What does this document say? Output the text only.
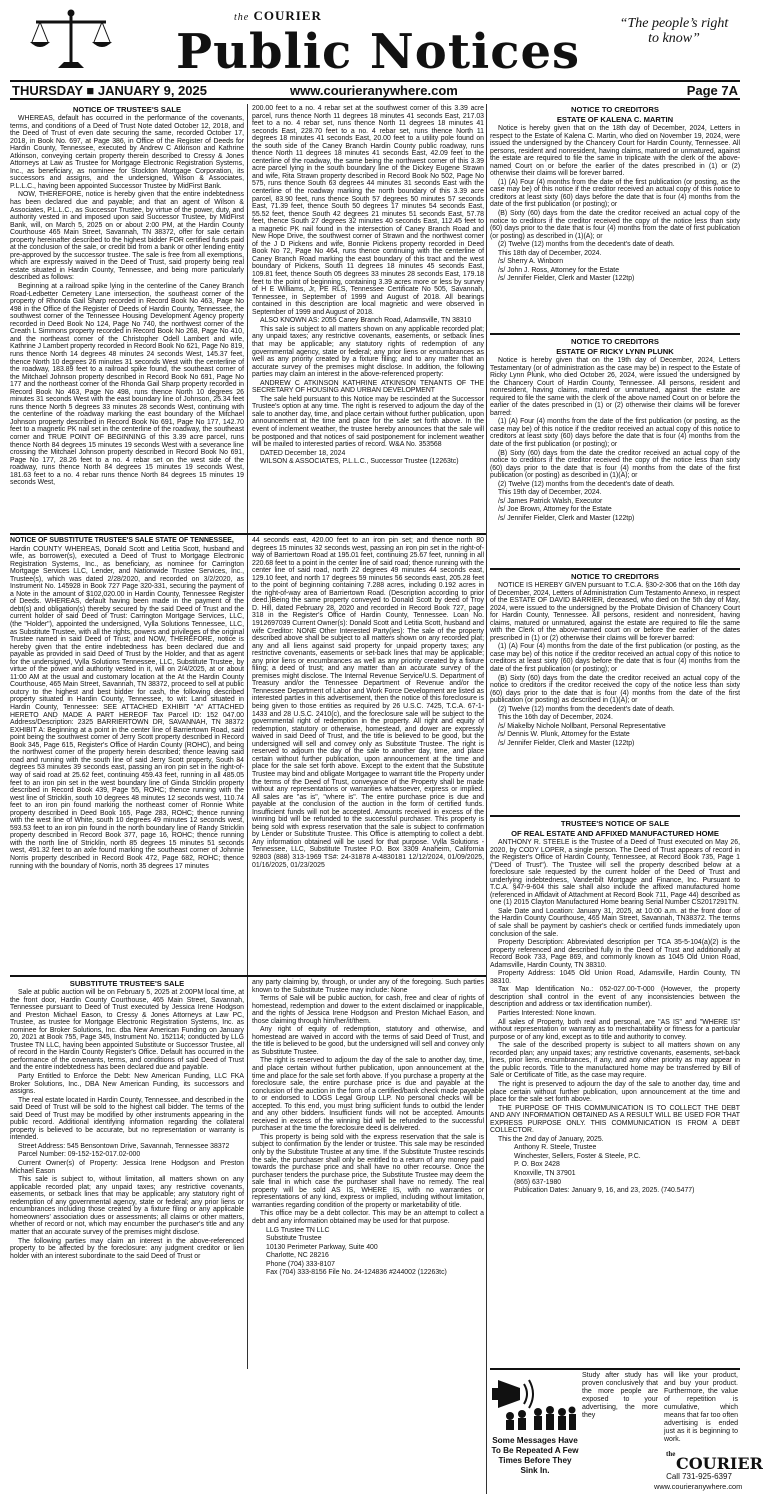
the COURIER
Public Notices
“The people’s right to know”
THURSDAY ■ JANUARY 9, 2025	www.courieranywhere.com	Page 7A
NOTICE OF TRUSTEE'S SALE

WHEREAS, default has occurred in the performance of the covenants, terms, and conditions of a Deed of Trust Note dated October 12, 2018, and the Deed of Trust of even date securing the same, recorded October 17, 2018, in Book No. 697, at Page 386, in Office of the Register of Deeds for Hardin County, Tennessee, executed by Andrew C Atkinson and Kathrine Atkinson, conveying certain property therein described to Cressy & Jones Attorneys at Law as Trustee for Mortgage Electronic Registration Systems, Inc., as beneficiary, as nominee for Stockton Mortgage Corporation, its successors and assigns, and the undersigned, Wilson & Associates, P.L.L.C., having been appointed Successor Trustee by MidFirst Bank.

NOW, THEREFORE, notice is hereby given that the entire indebtedness has been declared due and payable; and that an agent of Wilson & Associates, P.L.L.C., as Successor Trustee, by virtue of the power, duty, and authority vested in and imposed upon said Successor Trustee, by MidFirst Bank, will, on March 5, 2025 on or about 2:00 PM, at the Hardin County Courthouse 465 Main Street, Savannah, TN 38372, offer for sale certain property hereinafter described to the highest bidder FOR certified funds paid at the conclusion of the sale, or credit bid from a bank or other lending entity pre-approved by the successor trustee. The sale is free from all exemptions, which are expressly waived in the Deed of Trust, said property being real estate situated in Hardin County, Tennessee, and being more particularly described as follows:

Beginning at a railroad spike lying in the centerline of the Caney Branch Road-Ledbetter Cemetery Lane intersection, the southeast corner of the property of Rhonda Gail Sharp recorded in Record Book No 463, Page No 498 in the Office of the Register of Deeds of Hardin County, Tennessee, the southwest corner of the Tennessee Housing Development Agency property recorded in Deed Book No 124, Page No 740, the northwest corner of the Creath L Simmons property recorded in Record Book No 268, Page No 410, and the northeast corner of the Christopher Odell Lambert and wife, Kathrine J Lambert property recorded in Record Book No 621, Page No 819, runs thence North 14 degrees 48 minutes 24 seconds West, 145.37 feet, thence North 10 degrees 26 minutes 31 seconds West with the centerline of the roadway, 183.89 feet to a railroad spike found, the southeast corner of the Mitchael Johnson property described in Record Book No 691, Page No 177 and the northeast corner of the Rhonda Gail Sharp property recorded in Record Book No 463, Page No 498, runs thence North 10 degrees 26 minutes 31 seconds West with the east boundary line of Johnson, 25.34 feet runs thence North 5 degrees 33 minutes 28 seconds West, continuing with the centerline of the roadway marking the east boundary of the Mitchael Johnson property described in Record Book No 691, Page No 177, 142.70 feet to a magnetic PK nail set in the centerline of the roadway, the southeast corner and TRUE POINT OF BEGINNING of this 3.39 acre parcel, runs thence North 84 degrees 15 minutes 19 seconds West with a severance line crossing the Mitchael Johnson property described in Record Book No 691, Page No 177, 28.26 feet to a no. 4 rebar set on the west side of the roadway, runs thence North 84 degrees 15 minutes 19 seconds West, 181.63 feet to a no. 4 rebar runs thence North 84 degrees 15 minutes 19 seconds West,

200.00 feet to a no. 4 rebar set at the southwest corner of this 3.39 acre parcel, runs thence North 11 degrees 18 minutes 41 seconds East, 217.03 feet to a no. 4 rebar set, runs thence North 11 degrees 18 minutes 41 seconds East, 228.70 feet to a no. 4 rebar set, runs thence North 11 degrees 18 minutes 41 seconds East, 20.00 feet to a utility pole found on the south side of the Caney Branch Hardin County public roadway, runs thence North 11 degrees 18 minutes 41 seconds East, 42.09 feet to the centerline of the roadway, the same being the northwest corner of this 3.39 acre parcel lying in the south boundary line of the Dickey Eugene Strawn and wife, Rita Strawn property described in Record Book No 502, Page No 575, runs thence South 63 degrees 44 minutes 31 seconds East with the centerline of the roadway marking the north boundary of this 3.39 acre parcel, 83.90 feet, runs thence South 57 degrees 50 minutes 57 seconds East, 71.39 feet, thence South 50 degrees 17 minutes 54 seconds East, 55.52 feet, thence South 42 degrees 21 minutes 51 seconds East, 57.78 feet, thence South 27 degrees 32 minutes 40 seconds East, 112.45 feet to a magnetic PK nail found in the intersection of Caney Branch Road and New Hope Drive, the southwest corner of Strawn and the northwest corner of the J D Pickens and wife, Bonnie Pickens property recorded in Deed Book No 72, Page No 464, runs thence continuing with the centerline of Caney Branch Road marking the east boundary of this tract and the west boundary of Pickens, South 11 degrees 18 minutes 45 seconds East, 109.81 feet, thence South 05 degrees 33 minutes 28 seconds East, 179.18 feet to the point of beginning, containing 3.39 acres more or less by survey of H E Williams, Jr, PE RLS, Tennessee Certificate No 505, Savannah, Tennessee, in September of 1999 and August of 2018. All bearings contained in this description are local magnetic and were observed in September of 1999 and August of 2018.

ALSO KNOWN AS: 2055 Caney Branch Road, Adamsville, TN 38310

This sale is subject to all matters shown on any applicable recorded plat; any unpaid taxes; any restrictive covenants, easements, or setback lines that may be applicable; any statutory rights of redemption of any governmental agency, state or federal; any prior liens or encumbrances as well as any priority created by a fixture filing; and to any matter that an accurate survey of the premises might disclose. In addition, the following parties may claim an interest in the above-referenced property:

ANDREW C ATKINSON KATHRINE ATKINSON TENANTS OF THE SECRETARY OF HOUSING AND URBAN DEVELOPMENT

The sale held pursuant to this Notice may be rescinded at the Successor Trustee's option at any time. The right is reserved to adjourn the day of the sale to another day, time, and place certain without further publication, upon announcement at the time and place for the sale set forth above. In the event of inclement weather, the trustee hereby announces that the sale will be postponed and that notices of said postponement for inclement weather will be mailed to interested parties of record. W&A No. 353568

DATED December 18, 2024

WILSON & ASSOCIATES, P.L.L.C., Successor Trustee (12263tc)

NOTICE OF SUBSTITUTE TRUSTEE'S SALE STATE OF TENNESSEE,

Hardin COUNTY WHEREAS, Donald Scott and Letitia Scott, husband and wife, as borrower(s), executed a Deed of Trust to Mortgage Electronic Registration Systems, Inc., as beneficiary, as nominee for Carrington Mortgage Services LLC, Lender, and Nationwide Trustee Services, Inc., Trustee(s), which was dated 2/28/2020, and recorded on 3/2/2020, as Instrument No. 145928 in Book 727 Page 320-331, securing the payment of a Note in the amount of $102,020.00 in Hardin County, Tennessee Register of Deeds. WHEREAS, default having been made in the payment of the debt(s) and obligation(s) thereby secured by the said Deed of Trust and the current holder of said Deed of Trust: Carrington Mortgage Services, LLC, (the "Holder"), appointed the undersigned, Vylla Solutions Tennessee, LLC, as Substitute Trustee, with all the rights, powers and privileges of the original Trustee named in said Deed of Trust; and NOW, THEREFORE, notice is hereby given that the entire indebtedness has been declared due and payable as provided in said Deed of Trust by the Holder, and that as agent for the undersigned, Vylla Solutions Tennessee, LLC, Substitute Trustee, by virtue of the power and authority vested in it, will on 2/4/2025, at or about 11:00 AM at the usual and customary location at the At the Hardin County Courthouse, 465 Main Street, Savannah, TN 38372, proceed to sell at public outcry to the highest and best bidder for cash, the following described property situated in Hardin County, Tennessee, to wit: Land situated in Hardin County, Tennessee: SEE ATTACHED EXHIBIT "A" ATTACHED HERETO AND MADE A PART HEREOF Tax Parcel ID: 152 047.00 Address/Description: 2325 BARRIERTOWN DR, SAVANNAH, TN 38372 EXHIBIT A: Beginning at a point in the center line of Barriertown Road, said point being the southwest corner of Jerry Scott property described in Record Book 345, Page 615, Register's Office of Hardin County (ROHC), and being the northwest corner of the property herein described; thence leaving said road and running with the south line of said Jerry Scott property, South 84 degrees 53 minutes 39 seconds east, passing an iron pin set in the right-of-way of said road at 25.62 feet, continuing 459.43 feet, running in all 485.05 feet to an iron pin set in the west boundary line of Ginda Stricklin property described in Record Book 439, Page 55, ROHC; thence running with the west line of Stricklin, south 10 degrees 48 minutes 12 seconds west, 110.74 feet to an iron pin found marking the northeast corner of Ronnie White property described in Deed Book 165, Page 283, ROHC; thence running with the west line of White, south 10 degrees 49 minutes 12 seconds west, 593.53 feet to an iron pin found in the north boundary line of Randy Stricklin property described in Record Book 377, page 16, ROHC; thence running with the north line of Stricklin, north 85 degrees 15 minutes 51 seconds west, 491.32 feet to an axle found marking the southeast corner of Johnnie Norris property described in Record Book 472, Page 682, ROHC; thence running with the boundary of Norris, north 35 degrees 17 minutes

44 seconds east, 420.00 feet to an iron pin set; and thence north 80 degrees 15 minutes 32 seconds west, passing an iron pin set in the right-of-way of Barriertown Road at 195.01 feet, continuing 25.67 feet, running in all 220.68 feet to a point in the center line of said road; thence running with the center line of said road, north 22 degrees 49 minutes 44 seconds east, 129.10 feet, and north 17 degrees 59 minutes 56 seconds east, 205.28 feet to the point of beginning containing 7.288 acres, including 0.192 acres in the right-of-way area of Barriertown Road. (Description according to prior deed.)Being the same property conveyed to Donald Scott by deed of Troy D. Hill, dated February 28, 2020 and recorded in Record Book 727, page 318 in the Register's Office of Hardin County, Tennessee. Loan No. 1912697039 Current Owner(s): Donald Scott and Letitia Scott, husband and wife Creditor: NONE Other Interested Party(ies): The sale of the property described above shall be subject to all matters shown on any recorded plat; any and all liens against said property for unpaid property taxes; any restrictive covenants, easements or set-back lines that may be applicable; any prior liens or encumbrances as well as any priority created by a fixture filing; a deed of trust; and any matter than an accurate survey of the premises might disclose. The Internal Revenue Service/U.S. Department of Treasury and/or the Tennessee Department of Revenue and/or the Tennessee Department of Labor and Work Force Development are listed as interested parties in this advertisement, then the notice of this foreclosure is being given to those entities as required by 26 U.S.C. 7425, T.C.A. 67-1-1433 and 28 U.S.C. 2410(c), and the foreclosure sale will be subject to the governmental right of redemption in the property. All right and equity of redemption, statutory or otherwise, homestead, and dower are expressly waived in said Deed of Trust, and the title is believed to be good, but the undersigned will sell and convey only as Substitute Trustee. The right is reserved to adjourn the day of the sale to another day, time, and place certain without further publication, upon announcement at the time and place for the sale set forth above. Except to the extent that the Substitute Trustee may bind and obligate Mortgagee to warrant title the Property under the terms of the Deed of Trust, conveyance of the Property shall be made without any representations or warranties whatsoever, express or implied. All sales are "as is", "where is". The entire purchase price is due and payable at the conclusion of the auction in the form of certified funds. Insufficient funds will not be accepted. Amounts received in excess of the winning bid will be refunded to the successful purchaser. This property is being sold with express reservation that the sale is subject to confirmation by Lender or Substitute Trustee. This Office is attempting to collect a debt. Any information obtained will be used for that purpose. Vylla Solutions - Tennessee, LLC, Substitute Trustee P.O. Box 3309 Anaheim, California 92803 (888) 313-1969 TS#: 24-31878 A-4830181 12/12/2024, 01/09/2025, 01/16/2025, 01/23/2025

SUBSTITUTE TRUSTEE'S SALE

Sale at public auction will be on February 5, 2025 at 2:00PM local time, at the front door, Hardin County Courthouse, 465 Main Street, Savannah, Tennessee pursuant to Deed of Trust executed by Jessica Irene Hodgson and Preston Michael Eason, to Cressy & Jones Attorneys at Law PC, Trustee, as trustee for Mortgage Electronic Registration Systems, Inc. as nominee for Broker Solutions, Inc. dba New American Funding on January 20, 2021 at Book 755, Page 345, Instrument No. 152114; conducted by LLG Trustee TN LLC, having been appointed Substitute or Successor Trustee, all of record in the Hardin County Register's Office. Default has occurred in the performance of the covenants, terms, and conditions of said Deed of Trust and the entire indebtedness has been declared due and payable.

Party Entitled to Enforce the Debt: New American Funding, LLC FKA Broker Solutions, Inc., DBA New American Funding, its successors and assigns.

The real estate located in Hardin County, Tennessee, and described in the said Deed of Trust will be sold to the highest call bidder. The terms of the said Deed of Trust may be modified by other instruments appearing in the public record. Additional identifying information regarding the collateral property is believed to be accurate, but no representation or warranty is intended.

Street Address: 545 Bensontown Drive, Savannah, Tennessee 38372

Parcel Number: 09-152-152-017.02-000

Current Owner(s) of Property: Jessica Irene Hodgson and Preston Michael Eason

This sale is subject to, without limitation, all matters shown on any applicable recorded plat; any unpaid taxes; any restrictive covenants, easements, or setback lines that may be applicable; any statutory right of redemption of any governmental agency, state or federal; any prior liens or encumbrances including those created by a fixture filing or any applicable homeowners' association dues or assessments; all claims or other matters, whether of record or not, which may encumber the purchaser's title and any matter that an accurate survey of the premises might disclose.

The following parties may claim an interest in the above-referenced property to be affected by the foreclosure: any judgment creditor or lien holder with an interest subordinate to the said Deed of Trust or

any party claiming by, through, or under any of the foregoing. Such parties known to the Substitute Trustee may include: None

Terms of Sale will be public auction, for cash, free and clear of rights of homestead, redemption and dower to the extent disclaimed or inapplicable, and the rights of Jessica Irene Hodgson and Preston Michael Eason, and those claiming through him/her/it/them.

Any right of equity of redemption, statutory and otherwise, and homestead are waived in accord with the terms of said Deed of Trust, and the title is believed to be good, but the undersigned will sell and convey only as Substitute Trustee.

The right is reserved to adjourn the day of the sale to another day, time, and place certain without further publication, upon announcement at the time and place for the sale set forth above. If you purchase a property at the foreclosure sale, the entire purchase price is due and payable at the conclusion of the auction in the form of a certified/bank check made payable to or endorsed to LOGS Legal Group LLP. No personal checks will be accepted. To this end, you must bring sufficient funds to outbid the lender and any other bidders. Insufficient funds will not be accepted. Amounts received in excess of the winning bid will be refunded to the successful purchaser at the time the foreclosure deed is delivered.

This property is being sold with the express reservation that the sale is subject to confirmation by the lender or trustee. This sale may be rescinded only by the Substitute Trustee at any time. If the Substitute Trustee rescinds the sale, the purchaser shall only be entitled to a return of any money paid towards the purchase price and shall have no other recourse. Once the purchaser tenders the purchase price, the Substitute Trustee may deem the sale final in which case the purchaser shall have no remedy. The real property will be sold AS IS, WHERE IS, with no warranties or representations of any kind, express or implied, including without limitation, warranties regarding condition of the property or marketability of title.

This office may be a debt collector. This may be an attempt to collect a debt and any information obtained may be used for that purpose.

LLG Trustee TN LLC

Substitute Trustee

10130 Perimeter Parkway, Suite 400

Charlotte, NC 28216

Phone (704) 333-8107

Fax (704) 333-8156 File No. 24-124836 #244002 (12263tc)

NOTICE TO CREDITORS
ESTATE OF KALENA C. MARTIN

Notice is hereby given that on the 18th day of December, 2024, Letters in respect to the Estate of Kalena C. Martin, who died on November 19, 2024, were issued the undersigned by the Chancery Court for Hardin County, Tennessee. All persons, resident and nonresident, having claims, matured or unmatured, against the estate are required to file the same in triplicate with the clerk of the above-named Court on or before the earlier of the dates prescribed in (1) or (2) otherwise their claims will be forever barred.

(1) (A) Four (4) months from the date of the first publication (or posting, as the case may be) of this notice if the creditor received an actual copy of this notice to creditors at least sixty (60) days before the date that is four (4) months from the date of the first publication (or posting); or

(B) Sixty (60) days from the date the creditor received an actual copy of the notice to creditors if the creditor received the copy of the notice less than sixty (60) days prior to the date that is four (4) months from the date of first publication (or posting) as described in (1)(A); or

(2) Twelve (12) months from the decedent's date of death.

This 18th day of December, 2024.

/s/ Sherry A. Winborn

/s/ John J. Ross, Attorney for the Estate

/s/ Jennifer Fielder, Clerk and Master (122tp)

NOTICE TO CREDITORS
ESTATE OF RICKY LYNN PLUNK

Notice is hereby given that on the 19th day of December, 2024, Letters Testamentary (or of administration as the case may be) in respect to the Estate of Ricky Lynn Plunk, who died October 26, 2024, were issued the undersigned by the Chancery Court of Hardin County, Tennessee. All persons, resident and nonresident, having claims, matured or unmatured, against the estate are required to file the same with the clerk of the above named Court on or before the earlier of the dates prescribed in (1) or (2) otherwise their claims will be forever barred:

(1) (A) Four (4) months from the date of the first publication (or posting, as the case may be) of this notice if the creditor received an actual copy of this notice to creditors at least sixty (60) days before the date that is four (4) months from the date of the first publication (or posting); or

(B) Sixty (60) days from the date the creditor received an actual copy of the notice to creditors if the creditor received the copy of the notice less than sixty (60) days prior to the date that is four (4) months from the date of the first publication (or posting) as described in (1)(A); or

(2) Twelve (12) months from the decedent's date of death.

This 19th day of December, 2024.

/s/ James Patrick Walsh, Executor

/s/ Joe Brown, Attorney for the Estate

/s/ Jennifer Fielder, Clerk and Master (122tp)

NOTICE TO CREDITORS

NOTICE IS HEREBY GIVEN pursuant to T.C.A. §30-2-306 that on the 16th day of December, 2024, Letters of Administration Cum Testamento Annexo, in respect of the ESTATE OF DAVID BARRIER, deceased, who died on the 5th day of May, 2024, were issued to the undersigned by the Probate Division of Chancery Court for Hardin County, Tennessee. All persons, resident and nonresident, having claims, matured or unmatured, against the estate are required to file the same with the Clerk of the above-named court on or before the earlier of the dates prescribed in (1) or (2) otherwise their claims will be forever barred:

(1) (A) Four (4) months from the date of the first publication (or posting, as the case may be) of this notice if the creditor received an actual copy of this notice to creditors at least sixty (60) days before the date that is four (4) months from the date of the first publication (or posting); or

(B) Sixty (60) days from the date the creditor received an actual copy of the notice to creditors if the creditor received the copy of the notice less than sixty (60) days prior to the date that is four (4) months from the date of the first publication (or posting) as described in (1)(A); or

(2) Twelve (12) months from the decedent's date of death.

This the 16th day of December, 2024.

/s/ Miakelby Nichole Nollbant, Personal Representative

/s/ Dennis W. Plunk, Attorney for the Estate

/s/ Jennifer Fielder, Clerk and Master (122tp)

TRUSTEE'S NOTICE OF SALE
OF REAL ESTATE AND AFFIXED MANUFACTURED HOME

ANTHONY R. STEELE is the Trustee of a Deed of Trust executed on May 26, 2020, by CODY LOPER, a single person. The Deed of Trust appears of record in the Register's Office of Hardin County, Tennessee, at Record Book 735, Page 1 ("Deed of Trust"). The Trustee will sell the property described below at a foreclosure sale requested by the current holder of the Deed of Trust and underlying indebtedness, Vanderbilt Mortgage and Finance, Inc. Pursuant to T.C.A. §47-9-604 this sale shall also include the affixed manufactured home (referenced in Affidavit of Attachment at Record Book 711, Page 44) described as one (1) 2015 Clayton Manufactured Home bearing Serial Number CS2017291TN.

Sale Date and Location: January 31, 2025, at 10:00 a.m. at the front door of the Hardin County Courthouse, 465 Main Street, Savannah, TN38372. The terms of sale shall be payment by cashier's check or certified funds immediately upon conclusion of the sale.

Property Description: Abbreviated description per TCA 35-5-104(a)(2) is the property referenced and described fully in the Deed of Trust and additionally at Record Book 733, Page 869, and commonly known as 1045 Old Union Road, Adamsville, Hardin County, TN 38310.

Property Address: 1045 Old Union Road, Adamsville, Hardin County, TN 38310.

Tax Map Identification No.: 052-027.00-T-000 (However, the property description shall control in the event of any inconsistencies between the description and address or tax identification number).

Parties Interested: None known.

All sales of Property, both real and personal, are "AS IS" and "WHERE IS" without representation or warranty as to merchantability or fitness for a particular purpose or of any kind, except as to title and authority to convey.

The sale of the described property is subject to all matters shown on any recorded plan; any unpaid taxes; any restrictive covenants, easements, set-back lines, prior liens, encumbrances, if any, and any other priority as may appear in the public records. Title to the manufactured home may be transferred by Bill of Sale or Certificate of Title, as the case may require.

The right is preserved to adjourn the day of the sale to another day, time and place certain without further publication, upon announcement at the time and place for the sale set forth above.

THE PURPOSE OF THIS COMMUNICATION IS TO COLLECT THE DEBT AND ANY INFORMATION OBTAINED AS A RESULT WILL BE USED FOR THAT EXPRESS PURPOSE ONLY. THIS COMMUNICATION IS FROM A DEBT COLLECTOR.

This the 2nd day of January, 2025.

Anthony R. Steele, Trustee

Winchester, Sellers, Foster & Steele, P.C.

P. O. Box 2428

Knoxville, TN 37901

(865) 637-1980

Publication Dates: January 9, 16, and 23, 2025. (740.5477)

Some Messages Have To Be Repeated A Few Times Before They Sink In.
Study after study has proven conclusively that the more people are exposed to your advertising, the more they
will like your product, and buy your product. Furthermore, the value of repetition is cumulative, which means that far too often advertising is ended just as it is beginning to work.
the COURIER
Call 731-925-6397
www.courieranywhere.com
